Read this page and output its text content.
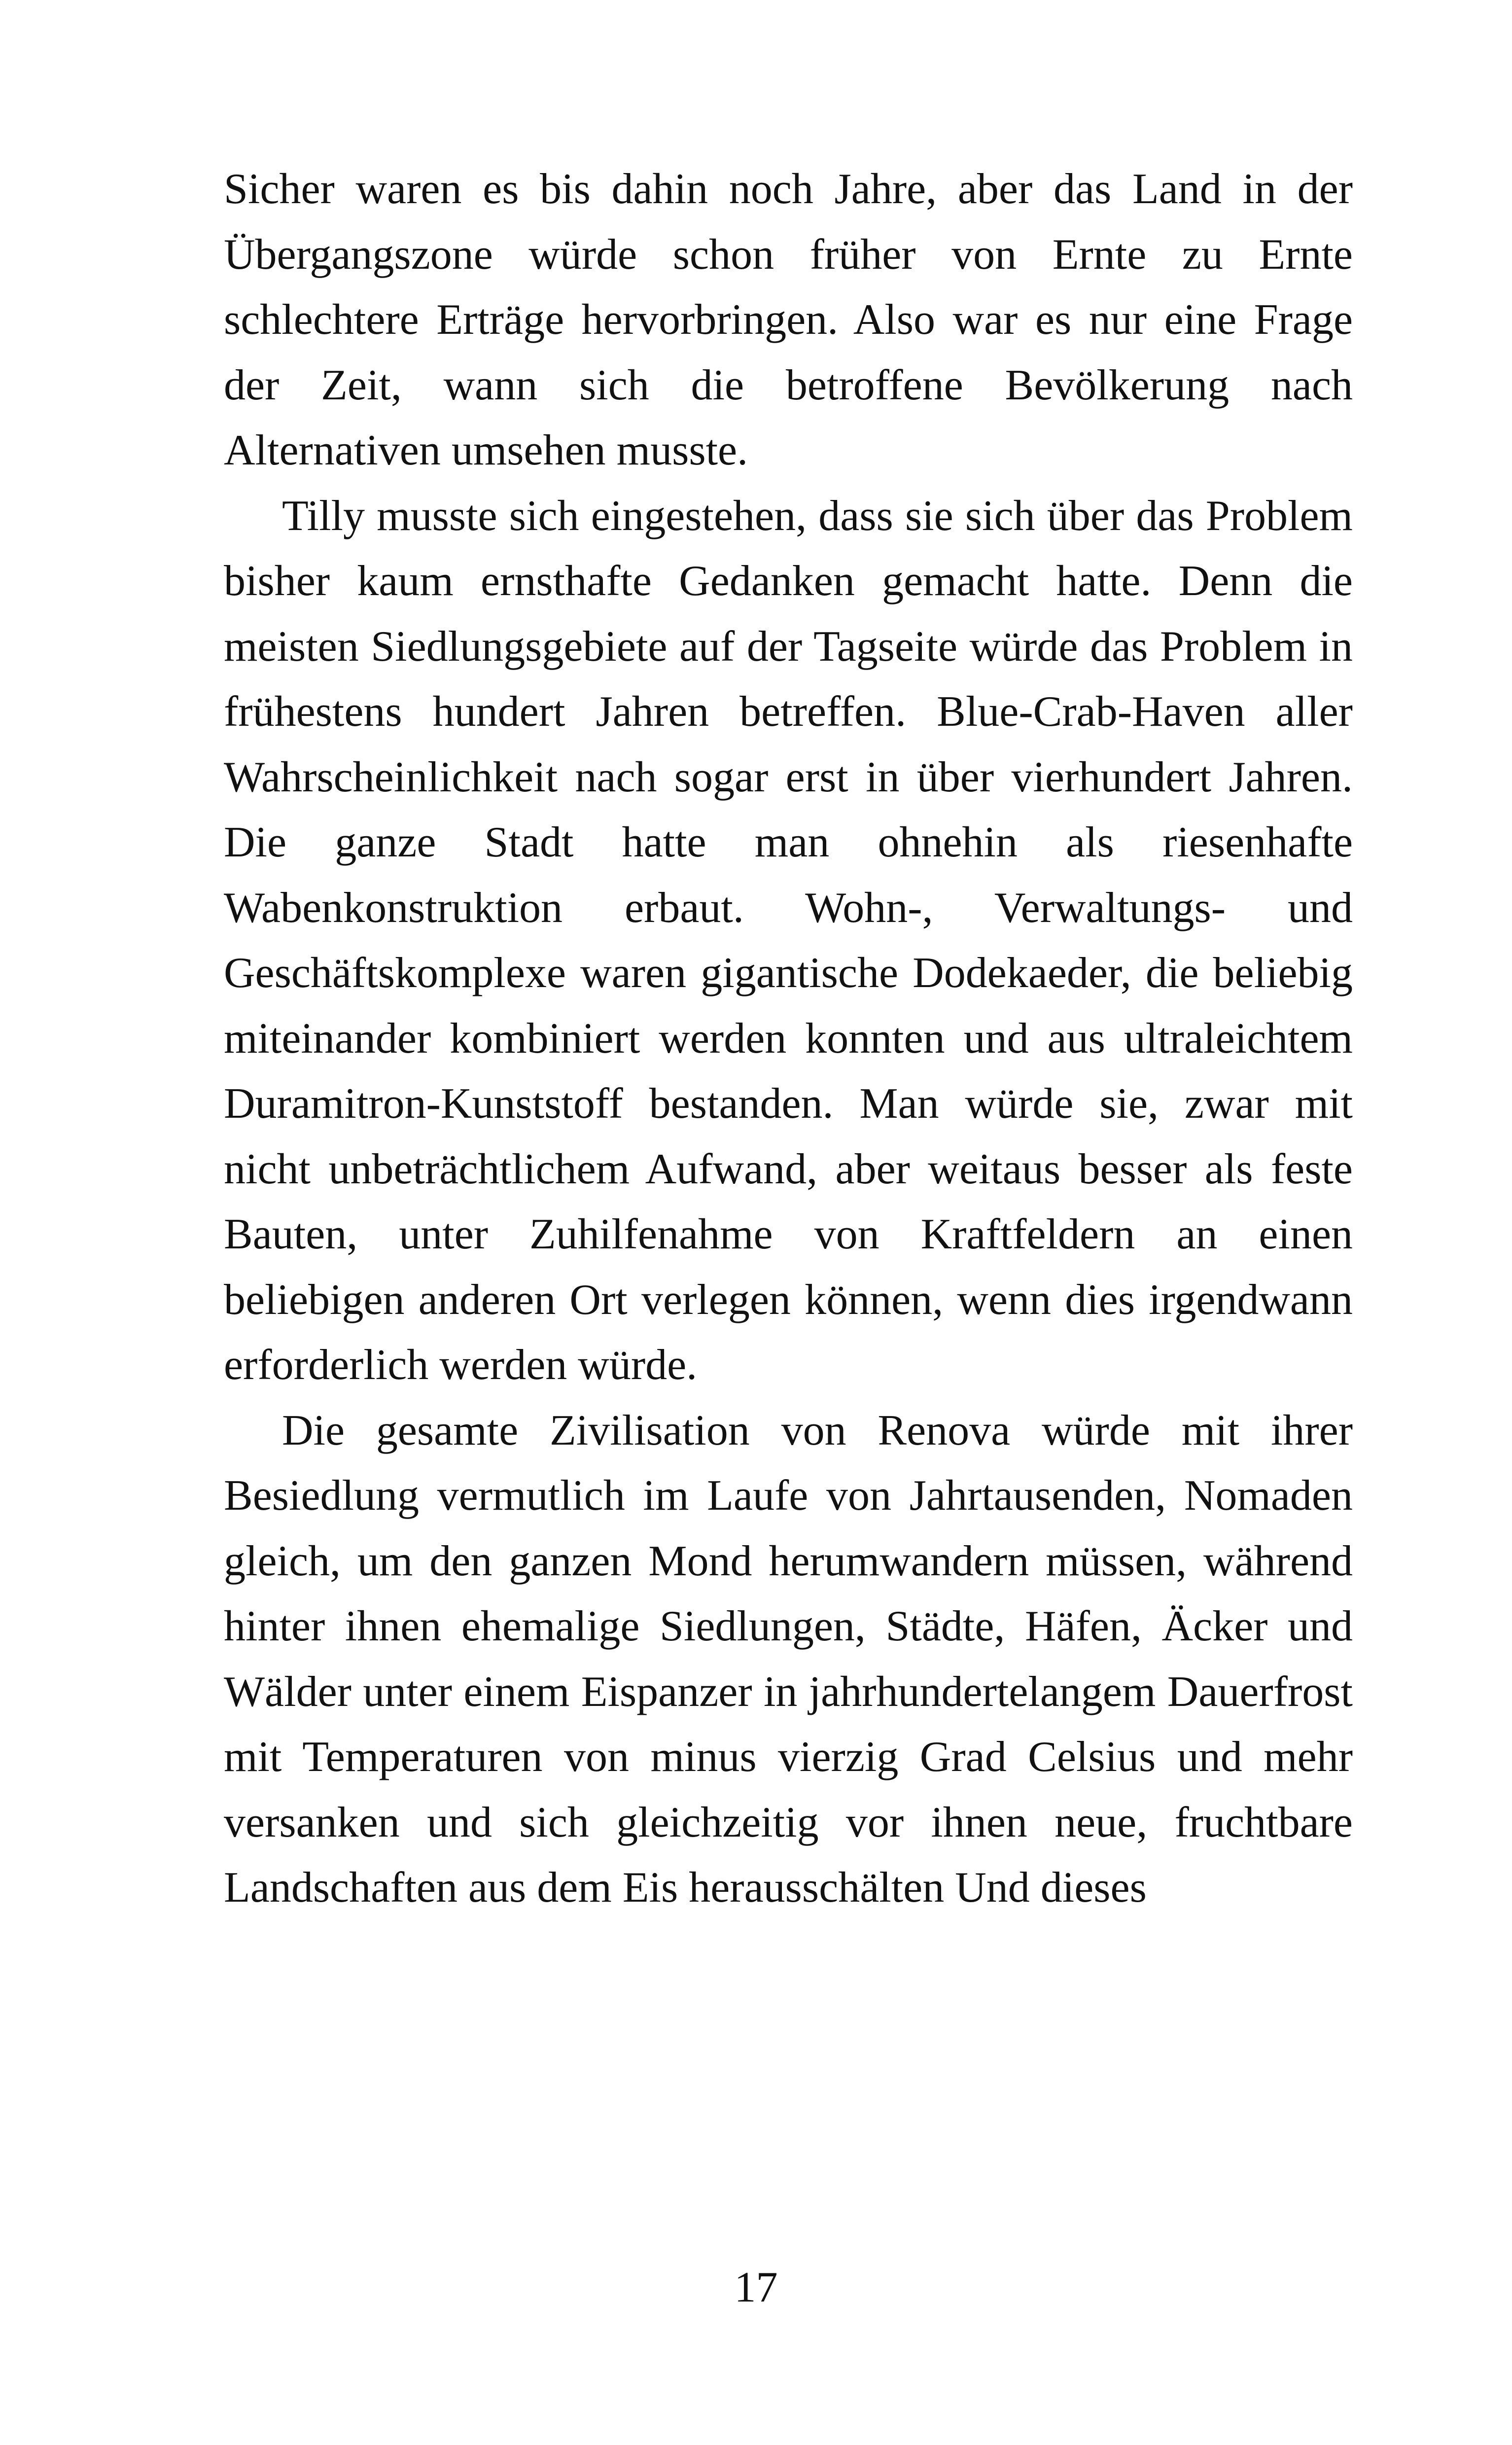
Sicher waren es bis dahin noch Jahre, aber das Land in der Übergangszone würde schon früher von Ernte zu Ernte schlechtere Erträge hervorbringen. Also war es nur eine Frage der Zeit, wann sich die betroffene Bevölkerung nach Alternativen umsehen musste.

Tilly musste sich eingestehen, dass sie sich über das Problem bisher kaum ernsthafte Gedanken gemacht hatte. Denn die meisten Siedlungsgebiete auf der Tagseite würde das Problem in frühestens hundert Jahren betreffen. Blue-Crab-Haven aller Wahrscheinlichkeit nach sogar erst in über vierhundert Jahren. Die ganze Stadt hatte man ohnehin als riesenhafte Wabenkonstruktion erbaut. Wohn-, Verwaltungs- und Geschäftskomplexe waren gigantische Dodekaeder, die beliebig miteinander kombiniert werden konnten und aus ultraleichtem Duramitron-Kunststoff bestanden. Man würde sie, zwar mit nicht unbeträchtlichem Aufwand, aber weitaus besser als feste Bauten, unter Zuhilfenahme von Kraftfeldern an einen beliebigen anderen Ort verlegen können, wenn dies irgendwann erforderlich werden würde.

Die gesamte Zivilisation von Renova würde mit ihrer Besiedlung vermutlich im Laufe von Jahrtausenden, Nomaden gleich, um den ganzen Mond herumwandern müssen, während hinter ihnen ehemalige Siedlungen, Städte, Häfen, Äcker und Wälder unter einem Eispanzer in jahrhundertelangem Dauerfrost mit Temperaturen von minus vierzig Grad Celsius und mehr versanken und sich gleichzeitig vor ihnen neue, fruchtbare Landschaften aus dem Eis herausschälten Und dieses

17
